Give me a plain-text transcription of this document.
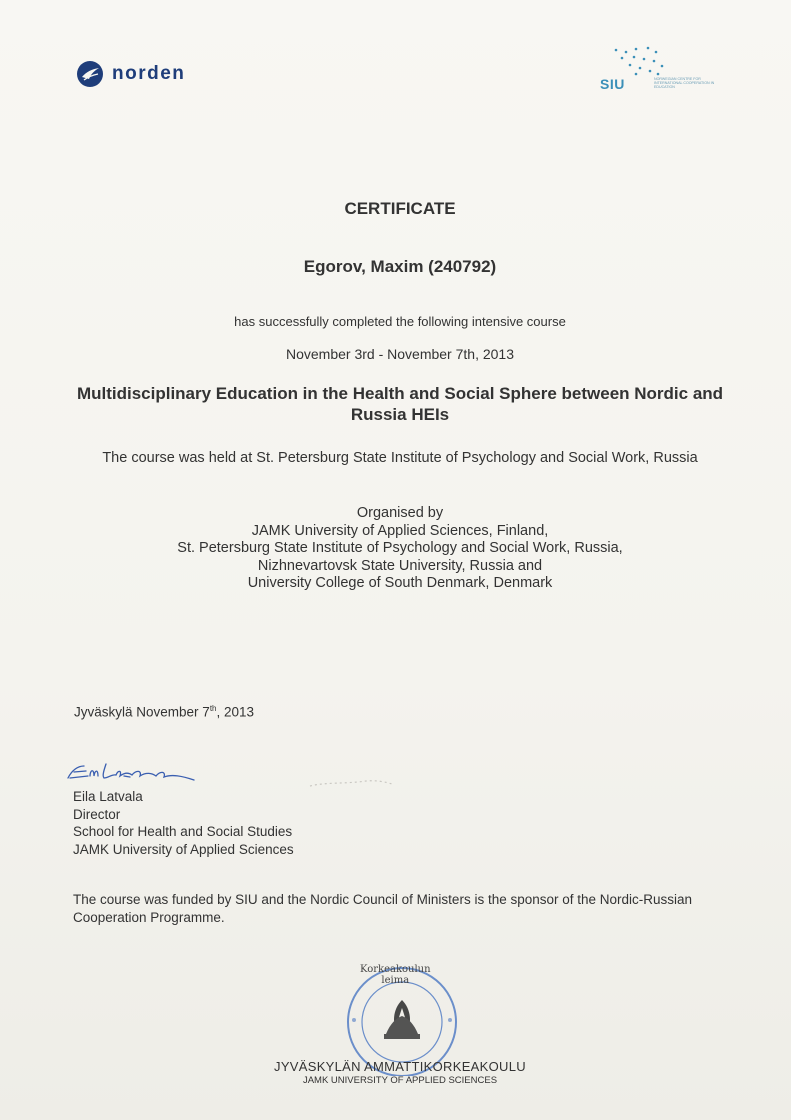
norden	SIU	NORWEGIAN CENTRE FOR INTERNATIONAL COOPERATION IN EDUCATION
CERTIFICATE
Egorov, Maxim (240792)
has successfully completed the following intensive course
November 3rd - November 7th, 2013
Multidisciplinary Education in the Health and Social Sphere between Nordic and Russia HEIs
The course was held at St. Petersburg State Institute of Psychology and Social Work, Russia
Organised by
JAMK University of Applied Sciences, Finland,
St. Petersburg State Institute of Psychology and Social Work, Russia,
Nizhnevartovsk State University, Russia and
University College of South Denmark, Denmark
Jyväskylä November 7th, 2013
Eila Latvala
Director
School for Health and Social Studies
JAMK University of Applied Sciences
The course was funded by SIU and the Nordic Council of Ministers is the sponsor of the Nordic-Russian Cooperation Programme.
Korkeakoulun
leima
JYVÄSKYLÄN AMMATTIKORKEAKOULU
JAMK UNIVERSITY OF APPLIED SCIENCES
